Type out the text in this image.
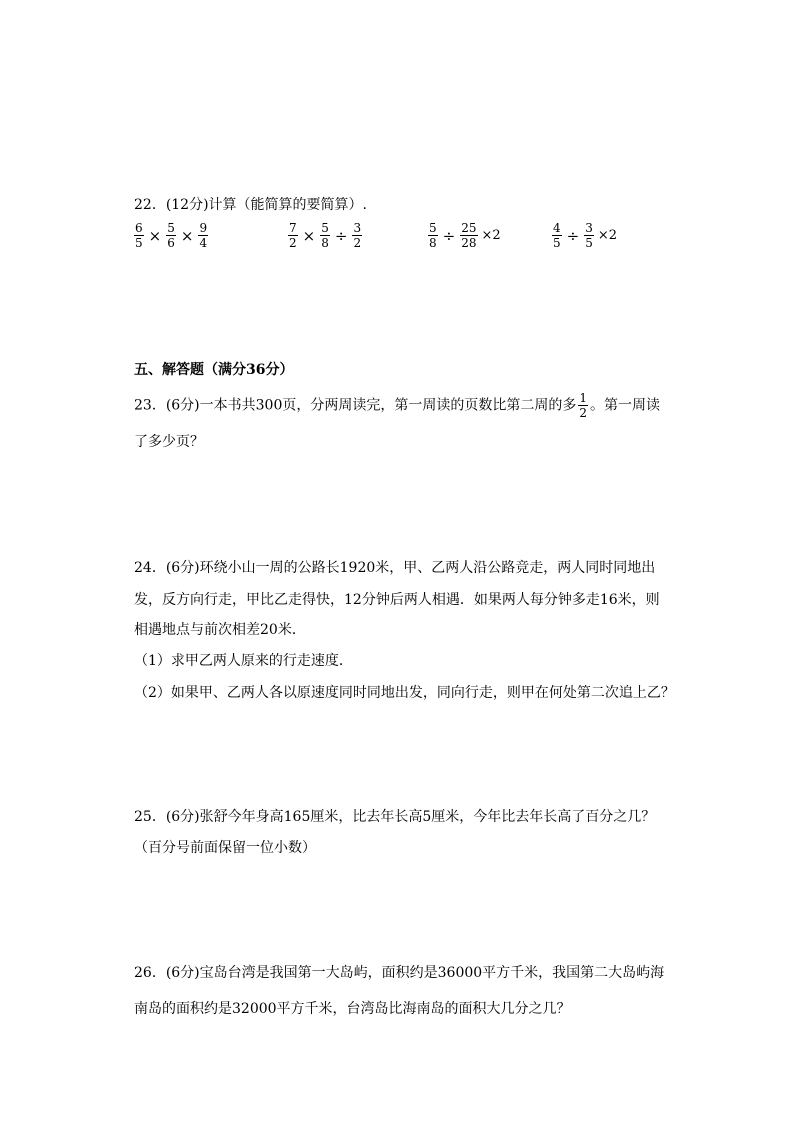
22．(12分)计算（能简算的要简算）.
$\frac{6}{5} \times \frac{5}{6} \times \frac{9}{4}$	$\frac{7}{2} \times \frac{5}{8} \div \frac{3}{2}$	$\frac{5}{8} \div \frac{25}{28} \times 2$	$\frac{4}{5} \div \frac{3}{5} \times 2$
五、解答题（满分36分）
23．(6分)一本书共300页，分两周读完，第一周读的页数比第二周的多 $\frac{1}{2}$ 。第一周读
了多少页？
24．(6分)环绕小山一周的公路长1920米，甲、乙两人沿公路竞走，两人同时同地出
发，反方向行走，甲比乙走得快，12分钟后两人相遇．如果两人每分钟多走16米，则
相遇地点与前次相差20米．
（1）求甲乙两人原来的行走速度．
（2）如果甲、乙两人各以原速度同时同地出发，同向行走，则甲在何处第二次追上乙？
25．(6分)张舒今年身高165厘米，比去年长高5厘米，今年比去年长高了百分之几？
（百分号前面保留一位小数）
26．(6分)宝岛台湾是我国第一大岛屿，面积约是36000平方千米，我国第二大岛屿海
南岛的面积约是32000平方千米，台湾岛比海南岛的面积大几分之几？
